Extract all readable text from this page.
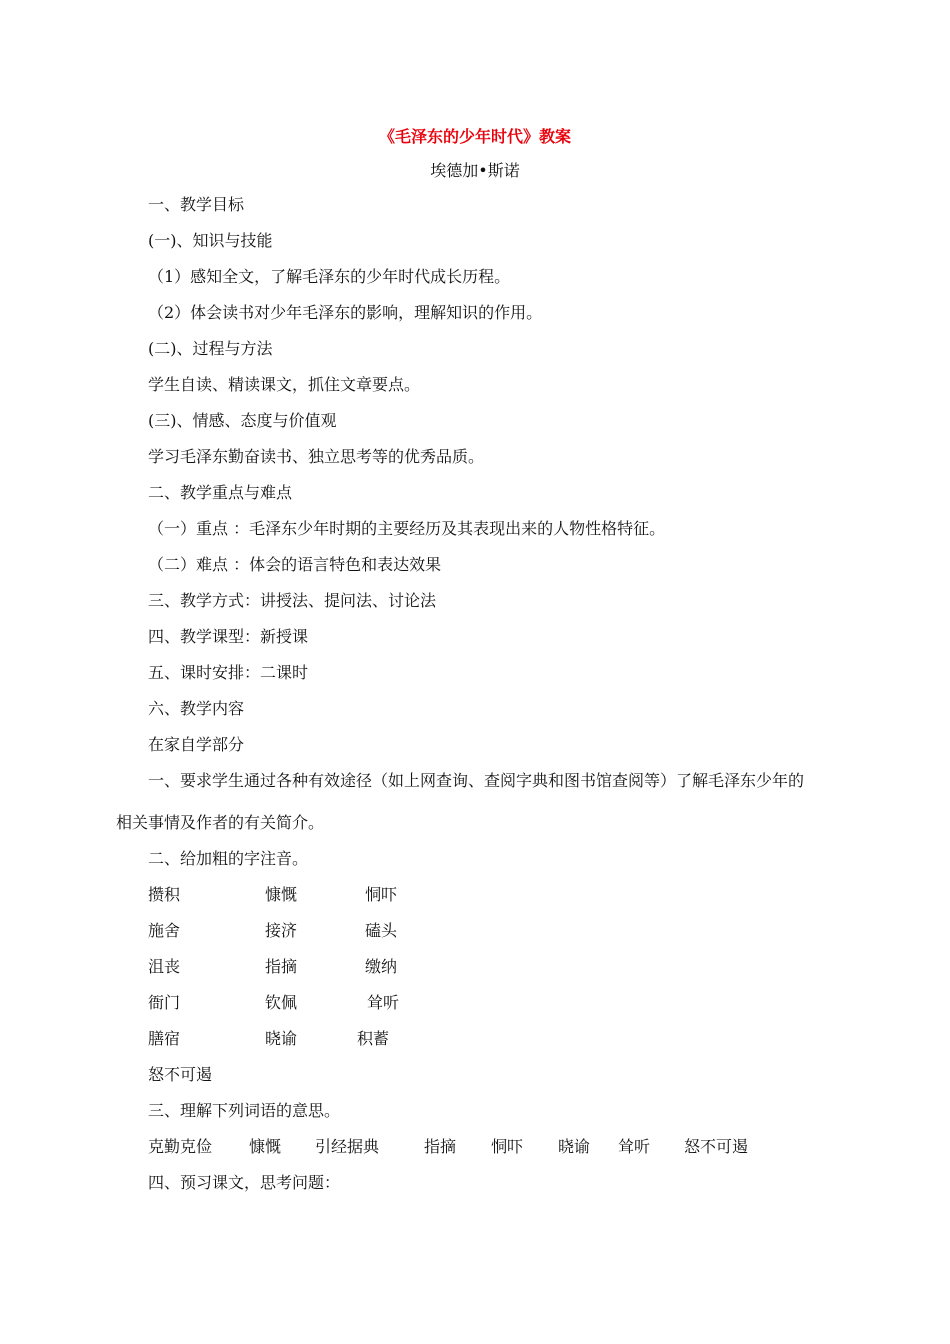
《毛泽东的少年时代》教案
埃德加•斯诺
一、教学目标
(一)、知识与技能
（1）感知全文，了解毛泽东的少年时代成长历程。
（2）体会读书对少年毛泽东的影响，理解知识的作用。
(二)、过程与方法
学生自读、精读课文，抓住文章要点。
(三)、情感、态度与价值观
学习毛泽东勤奋读书、独立思考等的优秀品质。
二、教学重点与难点
（一）重点 ：毛泽东少年时期的主要经历及其表现出来的人物性格特征。
（二）难点 ：体会的语言特色和表达效果
三、教学方式：讲授法、提问法、讨论法
四、教学课型：新授课
五、课时安排：二课时
六、教学内容
在家自学部分
一、要求学生通过各种有效途径（如上网查询、查阅字典和图书馆查阅等）了解毛泽东少年的
相关事情及作者的有关简介。
二、给加粗的字注音。
攒积	慷慨	恫吓
施舍	接济	磕头
沮丧	指摘	缴纳
衙门	钦佩	耸听
膳宿	晓谕	积蓄
怒不可遏
三、理解下列词语的意思。
克勤克俭 慷慨 引经据典	指摘 恫吓 晓谕 耸听 怒不可遏
四、预习课文，思考问题：
